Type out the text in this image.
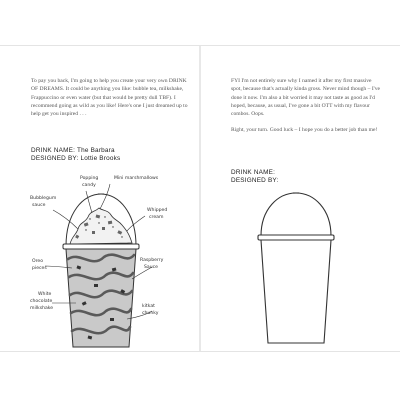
To pay you back, I'm going to help you create your very own DRINK OF DREAMS. It could be anything you like: bubble tea, milkshake, Frappuccino or even water (but that would be pretty dull TBF). I recommend going as wild as you like! Here's one I just dreamed up to help get you inspired . . .

DRINK NAME: The Barbara
DESIGNED BY: Lottie Brooks
Popping
candy
Mini marshmallows
Bubblegum
sauce
Whipped
cream
Oreo
pieces
Raspberry
Sauce
White
chocolate
milkshake	kitkat
chunky

FYI I'm not entirely sure why I named it after my first massive spot, because that's actually kinda gross. Never mind though – I've done it now. I'm also a bit worried it may not taste as good as I'd hoped, because, as usual, I've gone a bit OTT with my flavour combos. Oops.

Right, your turn. Good luck – I hope you do a better job than me!

DRINK NAME:
DESIGNED BY:
